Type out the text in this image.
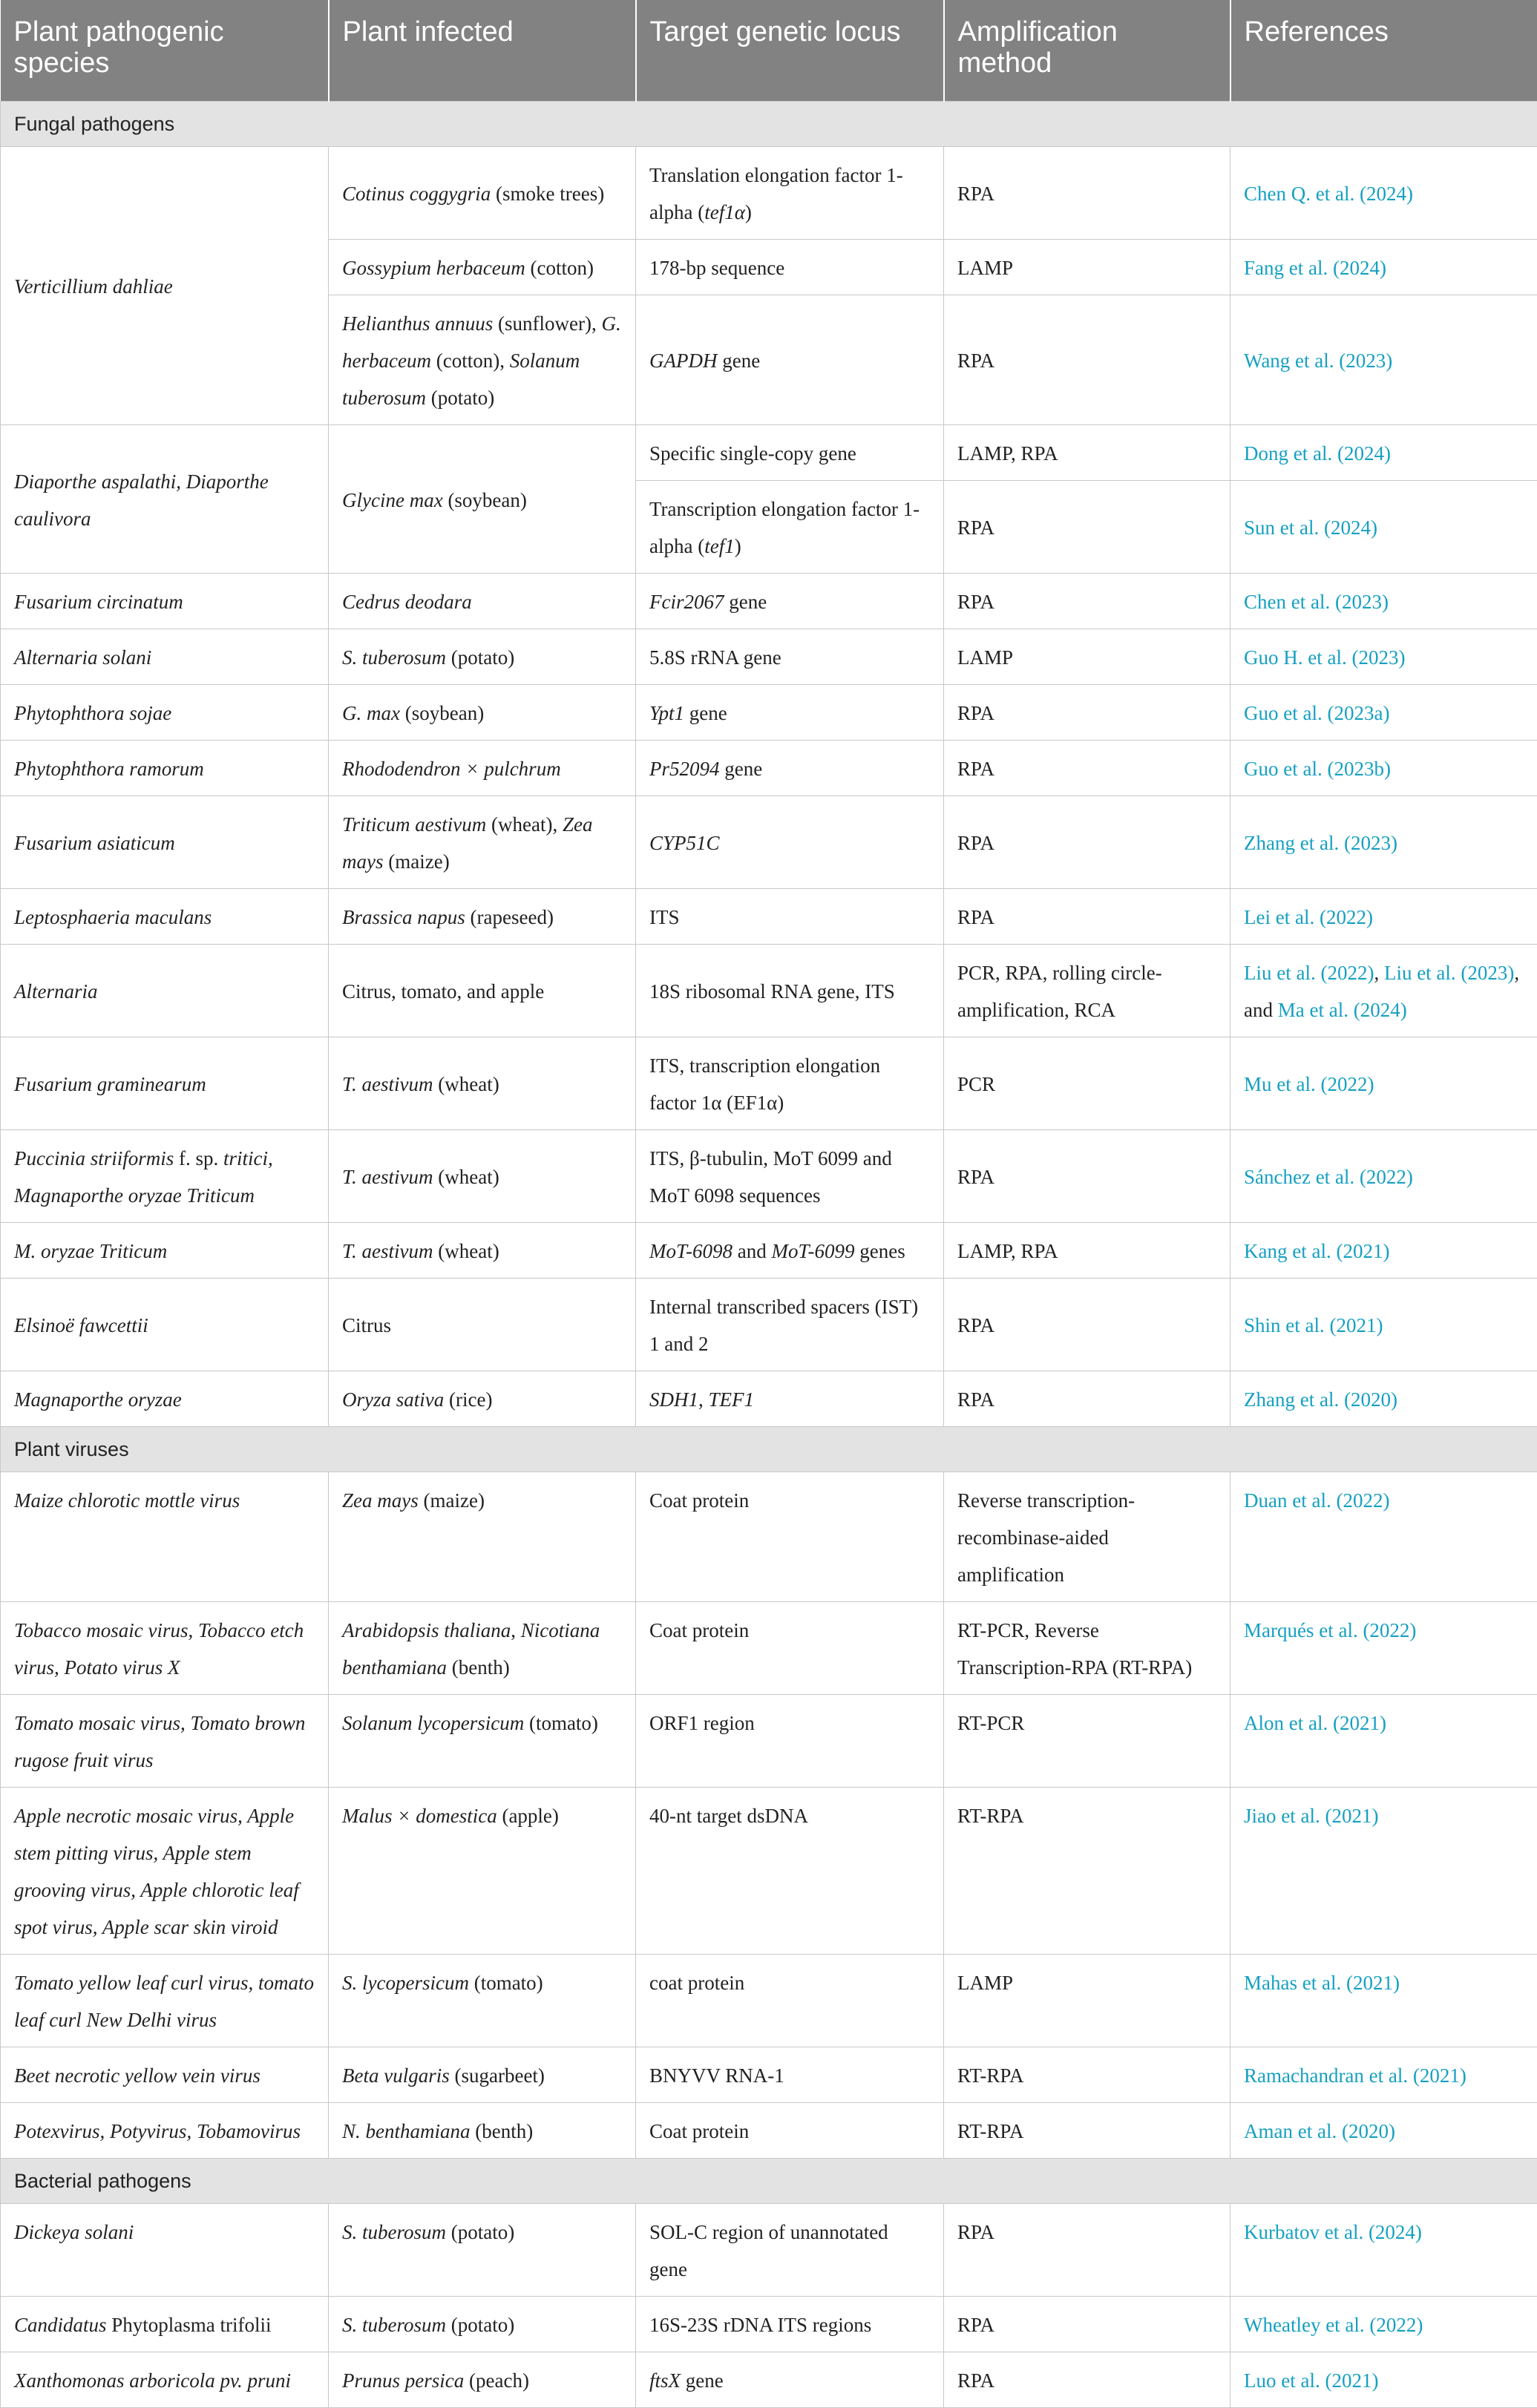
Plant pathogenic species	Plant infected	Target genetic locus	Amplification method	References
Fungal pathogens				
Verticillium dahliae	Cotinus coggygria (smoke trees)	Translation elongation factor 1-alpha (tef1α)	RPA	Chen Q. et al. (2024)
	Gossypium herbaceum (cotton)	178-bp sequence	LAMP	Fang et al. (2024)
	Helianthus annuus (sunflower), G. herbaceum (cotton), Solanum tuberosum (potato)	GAPDH gene	RPA	Wang et al. (2023)
Diaporthe aspalathi, Diaporthe caulivora	Glycine max (soybean)	Specific single-copy gene	LAMP, RPA	Dong et al. (2024)
		Transcription elongation factor 1-alpha (tef1)	RPA	Sun et al. (2024)
Fusarium circinatum	Cedrus deodara	Fcir2067 gene	RPA	Chen et al. (2023)
Alternaria solani	S. tuberosum (potato)	5.8S rRNA gene	LAMP	Guo H. et al. (2023)
Phytophthora sojae	G. max (soybean)	Ypt1 gene	RPA	Guo et al. (2023a)
Phytophthora ramorum	Rhododendron × pulchrum	Pr52094 gene	RPA	Guo et al. (2023b)
Fusarium asiaticum	Triticum aestivum (wheat), Zea mays (maize)	CYP51C	RPA	Zhang et al. (2023)
Leptosphaeria maculans	Brassica napus (rapeseed)	ITS	RPA	Lei et al. (2022)
Alternaria	Citrus, tomato, and apple	18S ribosomal RNA gene, ITS	PCR, RPA, rolling circle-amplification, RCA	Liu et al. (2022), Liu et al. (2023), and Ma et al. (2024)
Fusarium graminearum	T. aestivum (wheat)	ITS, transcription elongation factor 1α (EF1α)	PCR	Mu et al. (2022)
Puccinia striiformis f. sp. tritici, Magnaporthe oryzae Triticum	T. aestivum (wheat)	ITS, β-tubulin, MoT 6099 and MoT 6098 sequences	RPA	Sánchez et al. (2022)
M. oryzae Triticum	T. aestivum (wheat)	MoT-6098 and MoT-6099 genes	LAMP, RPA	Kang et al. (2021)
Elsinoë fawcettii	Citrus	Internal transcribed spacers (IST) 1 and 2	RPA	Shin et al. (2021)
Magnaporthe oryzae	Oryza sativa (rice)	SDH1, TEF1	RPA	Zhang et al. (2020)
Plant viruses				
Maize chlorotic mottle virus	Zea mays (maize)	Coat protein	Reverse transcription-recombinase-aided amplification	Duan et al. (2022)
Tobacco mosaic virus, Tobacco etch virus, Potato virus X	Arabidopsis thaliana, Nicotiana benthamiana (benth)	Coat protein	RT-PCR, Reverse Transcription-RPA (RT-RPA)	Marqués et al. (2022)
Tomato mosaic virus, Tomato brown rugose fruit virus	Solanum lycopersicum (tomato)	ORF1 region	RT-PCR	Alon et al. (2021)
Apple necrotic mosaic virus, Apple stem pitting virus, Apple stem grooving virus, Apple chlorotic leaf spot virus, Apple scar skin viroid	Malus × domestica (apple)	40-nt target dsDNA	RT-RPA	Jiao et al. (2021)
Tomato yellow leaf curl virus, tomato leaf curl New Delhi virus	S. lycopersicum (tomato)	coat protein	LAMP	Mahas et al. (2021)
Beet necrotic yellow vein virus	Beta vulgaris (sugarbeet)	BNYVV RNA-1	RT-RPA	Ramachandran et al. (2021)
Potexvirus, Potyvirus, Tobamovirus	N. benthamiana (benth)	Coat protein	RT-RPA	Aman et al. (2020)
Bacterial pathogens				
Dickeya solani	S. tuberosum (potato)	SOL-C region of unannotated gene	RPA	Kurbatov et al. (2024)
Candidatus Phytoplasma trifolii	S. tuberosum (potato)	16S-23S rDNA ITS regions	RPA	Wheatley et al. (2022)
Xanthomonas arboricola pv. pruni	Prunus persica (peach)	ftsX gene	RPA	Luo et al. (2021)
